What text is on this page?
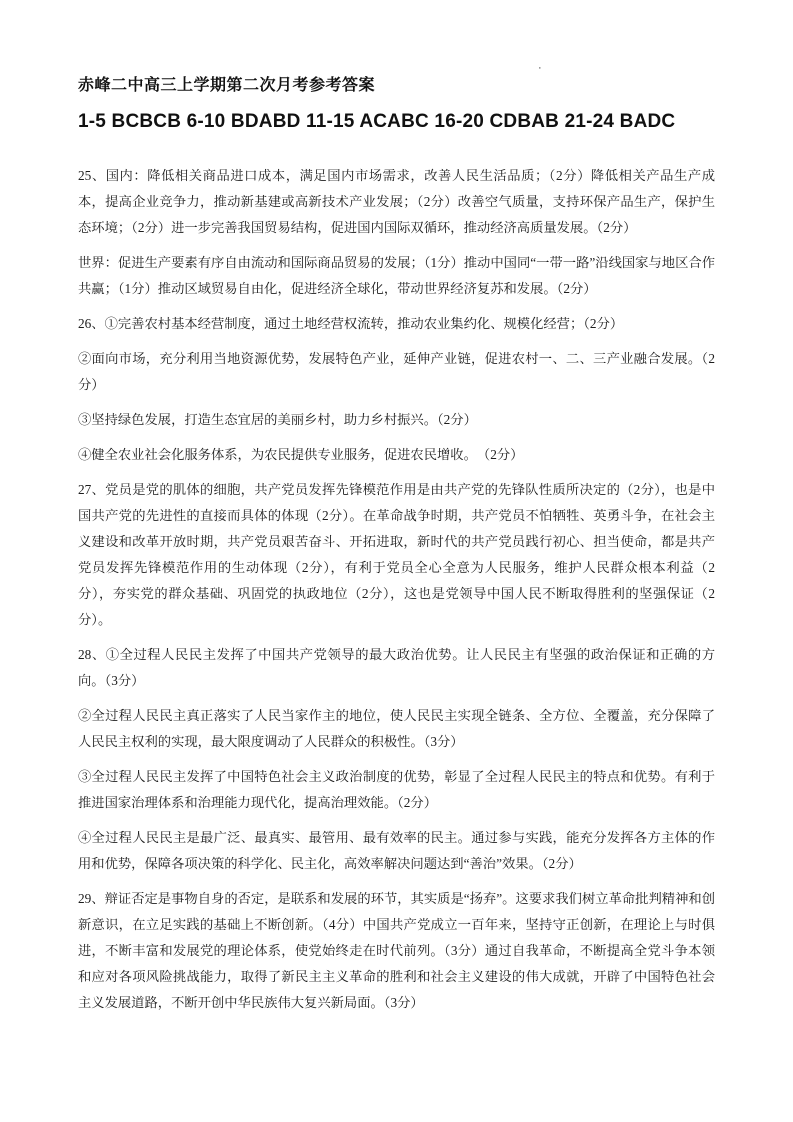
·
赤峰二中高三上学期第二次月考参考答案
1-5 BCBCB 6-10 BDABD 11-15 ACABC 16-20 CDBAB 21-24 BADC

25、国内：降低相关商品进口成本，满足国内市场需求，改善人民生活品质；（2分）降低相关产品生产成本，提高企业竞争力，推动新基建或高新技术产业发展；（2分）改善空气质量，支持环保产品生产，保护生态环境；（2分）进一步完善我国贸易结构，促进国内国际双循环，推动经济高质量发展。（2分）

世界：促进生产要素有序自由流动和国际商品贸易的发展；（1分）推动中国同“一带一路”沿线国家与地区合作共赢；（1分）推动区域贸易自由化，促进经济全球化，带动世界经济复苏和发展。（2分）

26、①完善农村基本经营制度，通过土地经营权流转，推动农业集约化、规模化经营；（2分）

②面向市场，充分利用当地资源优势，发展特色产业，延伸产业链，促进农村一、二、三产业融合发展。（2分）

③坚持绿色发展，打造生态宜居的美丽乡村，助力乡村振兴。（2分）

④健全农业社会化服务体系，为农民提供专业服务，促进农民增收。　（2分）

27、党员是党的肌体的细胞，共产党员发挥先锋模范作用是由共产党的先锋队性质所决定的（2分），也是中国共产党的先进性的直接而具体的体现（2分）。在革命战争时期，共产党员不怕牺牲、英勇斗争，在社会主义建设和改革开放时期，共产党员艰苦奋斗、开拓进取，新时代的共产党员践行初心、担当使命，都是共产党员发挥先锋模范作用的生动体现（2分），有利于党员全心全意为人民服务，维护人民群众根本利益（2分），夯实党的群众基础、巩固党的执政地位（2分），这也是党领导中国人民不断取得胜利的坚强保证（2分）。

28、①全过程人民民主发挥了中国共产党领导的最大政治优势。让人民民主有坚强的政治保证和正确的方向。（3分）

②全过程人民民主真正落实了人民当家作主的地位，使人民民主实现全链条、全方位、全覆盖，充分保障了人民民主权利的实现，最大限度调动了人民群众的积极性。（3分）

③全过程人民民主发挥了中国特色社会主义政治制度的优势，彰显了全过程人民民主的特点和优势。有利于推进国家治理体系和治理能力现代化，提高治理效能。（2分）

④全过程人民民主是最广泛、最真实、最管用、最有效率的民主。通过参与实践，能充分发挥各方主体的作用和优势，保障各项决策的科学化、民主化，高效率解决问题达到“善治”效果。（2分）

29、辩证否定是事物自身的否定，是联系和发展的环节，其实质是“扬弃”。这要求我们树立革命批判精神和创新意识，在立足实践的基础上不断创新。（4分）中国共产党成立一百年来，坚持守正创新，在理论上与时俱进，不断丰富和发展党的理论体系，使党始终走在时代前列。（3分）通过自我革命，不断提高全党斗争本领和应对各项风险挑战能力，取得了新民主主义革命的胜利和社会主义建设的伟大成就，开辟了中国特色社会主义发展道路，不断开创中华民族伟大复兴新局面。（3分）
